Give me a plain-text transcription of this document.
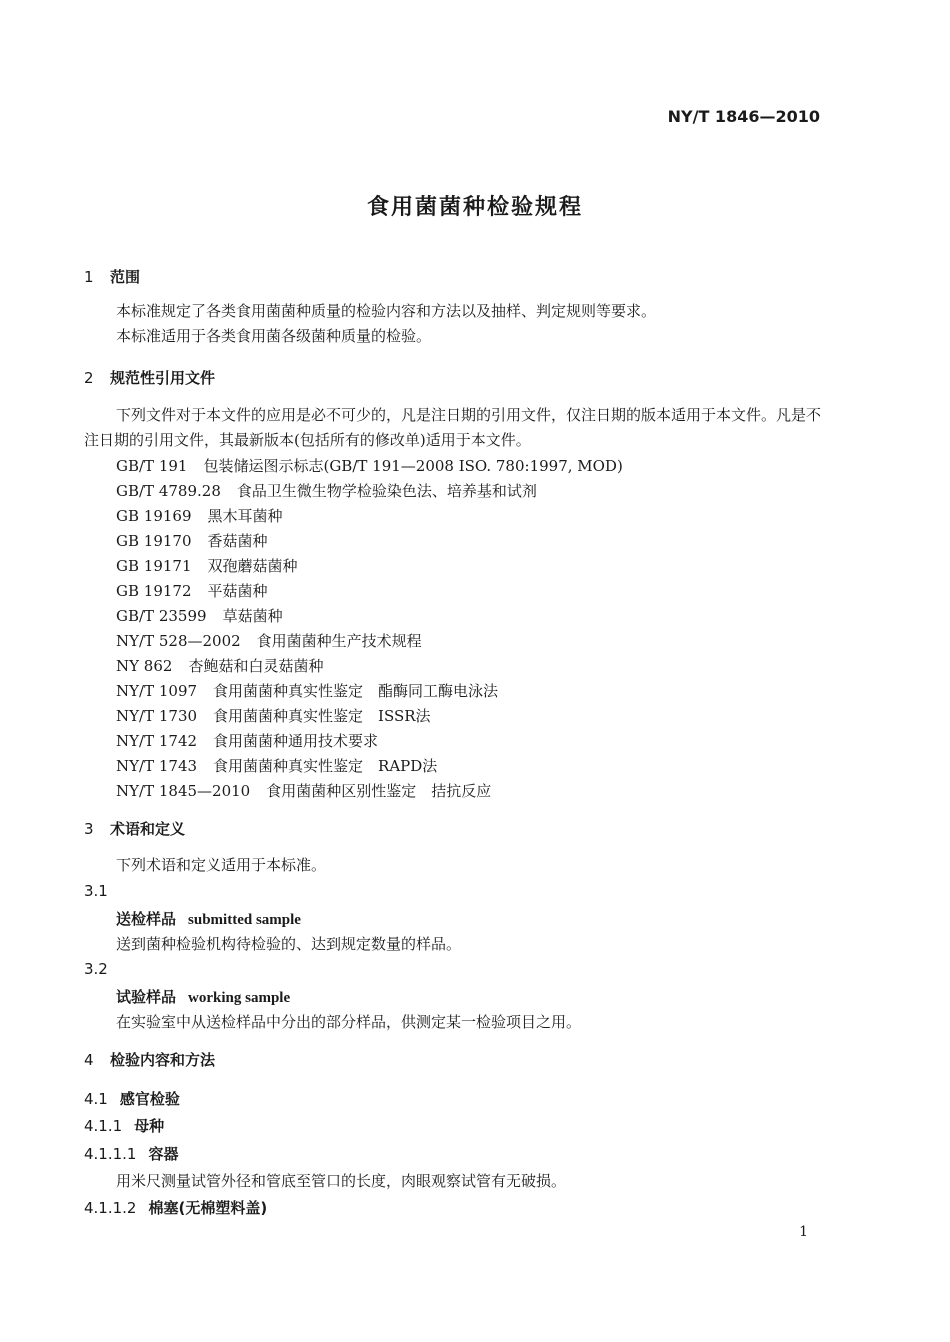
NY/T 1846—2010
食用菌菌种检验规程
1 范围
本标准规定了各类食用菌菌种质量的检验内容和方法以及抽样、判定规则等要求。
本标准适用于各类食用菌各级菌种质量的检验。
2 规范性引用文件
下列文件对于本文件的应用是必不可少的，凡是注日期的引用文件，仅注日期的版本适用于本文件。凡是不注日期的引用文件，其最新版本(包括所有的修改单)适用于本文件。
GB/T 191 包装储运图示标志(GB/T 191—2008 ISO. 780:1997, MOD)
GB/T 4789.28 食品卫生微生物学检验染色法、培养基和试剂
GB 19169 黑木耳菌种
GB 19170 香菇菌种
GB 19171 双孢蘑菇菌种
GB 19172 平菇菌种
GB/T 23599 草菇菌种
NY/T 528—2002 食用菌菌种生产技术规程
NY 862 杏鲍菇和白灵菇菌种
NY/T 1097 食用菌菌种真实性鉴定　酯酶同工酶电泳法
NY/T 1730 食用菌菌种真实性鉴定　ISSR法
NY/T 1742 食用菌菌种通用技术要求
NY/T 1743 食用菌菌种真实性鉴定　RAPD法
NY/T 1845—2010 食用菌菌种区别性鉴定　拮抗反应
3 术语和定义
下列术语和定义适用于本标准。
3.1
送检样品 submitted sample
送到菌种检验机构待检验的、达到规定数量的样品。
3.2
试验样品 working sample
在实验室中从送检样品中分出的部分样品，供测定某一检验项目之用。
4 检验内容和方法
4.1 感官检验
4.1.1 母种
4.1.1.1 容器
用米尺测量试管外径和管底至管口的长度，肉眼观察试管有无破损。
4.1.1.2 棉塞(无棉塑料盖)
1
